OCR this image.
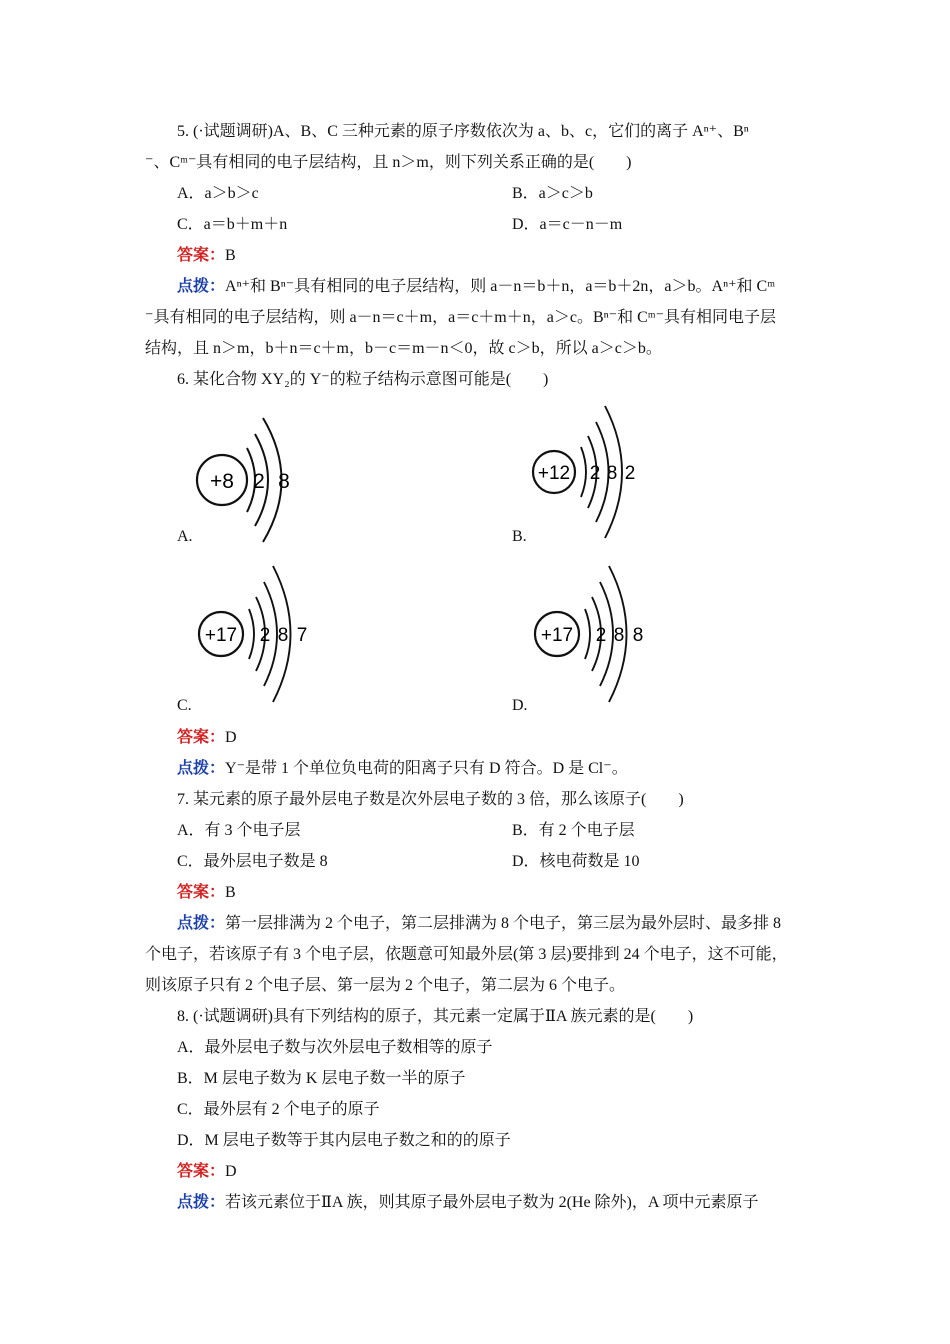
5. (·试题调研)A、B、C 三种元素的原子序数依次为 a、b、c，它们的离子 Aⁿ⁺、Bⁿ
⁻、Cᵐ⁻具有相同的电子层结构，且 n＞m，则下列关系正确的是(　　)
A．a＞b＞c	B．a＞c＞b
C．a＝b＋m＋n	D．a＝c－n－m
答案：B
点拨：Aⁿ⁺和 Bⁿ⁻具有相同的电子层结构，则 a－n＝b＋n，a＝b＋2n，a＞b。Aⁿ⁺和 Cᵐ
⁻具有相同的电子层结构，则 a－n＝c＋m，a＝c＋m＋n，a＞c。Bⁿ⁻和 Cᵐ⁻具有相同电子层
结构，且 n＞m，b＋n＝c＋m，b－c＝m－n＜0，故 c＞b，所以 a＞c＞b。
6. 某化合物 XY₂的 Y⁻的粒子结构示意图可能是(　　)
+8 2 8
A.
+12 2 8 2
B.
+17 2 8 7
C.
+17 2 8 8
D.
答案：D
点拨：Y⁻是带 1 个单位负电荷的阳离子只有 D 符合。D 是 Cl⁻。
7. 某元素的原子最外层电子数是次外层电子数的 3 倍，那么该原子(　　)
A．有 3 个电子层	B．有 2 个电子层
C．最外层电子数是 8	D．核电荷数是 10
答案：B
点拨：第一层排满为 2 个电子，第二层排满为 8 个电子，第三层为最外层时、最多排 8
个电子，若该原子有 3 个电子层，依题意可知最外层(第 3 层)要排到 24 个电子，这不可能，
则该原子只有 2 个电子层、第一层为 2 个电子，第二层为 6 个电子。
8. (·试题调研)具有下列结构的原子，其元素一定属于ⅡA 族元素的是(　　)
A．最外层电子数与次外层电子数相等的原子
B．M 层电子数为 K 层电子数一半的原子
C．最外层有 2 个电子的原子
D．M 层电子数等于其内层电子数之和的的原子
答案：D
点拨：若该元素位于ⅡA 族，则其原子最外层电子数为 2(He 除外)，A 项中元素原子
